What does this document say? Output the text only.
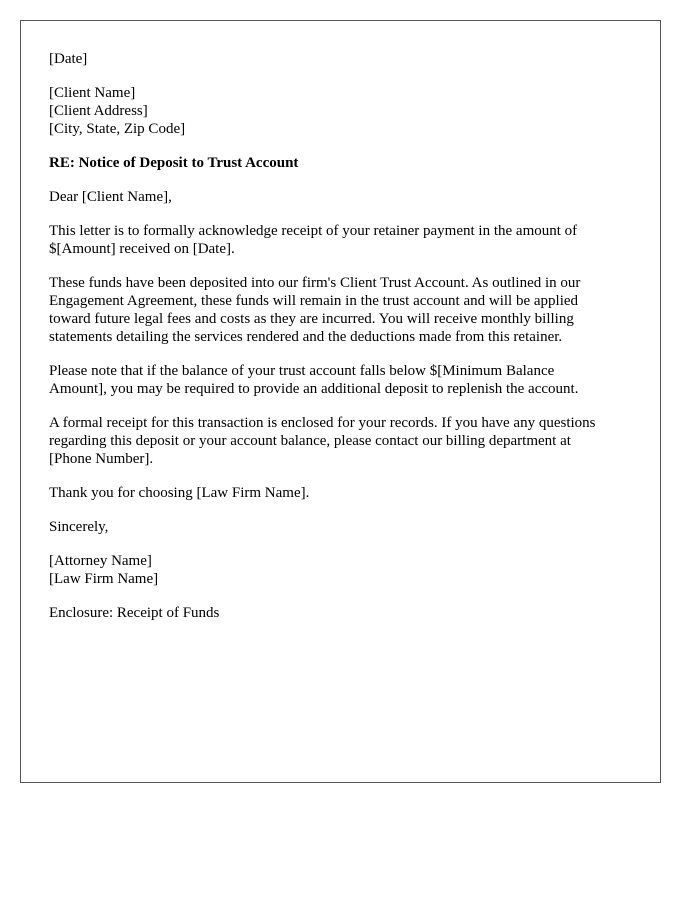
[Date]

[Client Name]
[Client Address]
[City, State, Zip Code]

RE: Notice of Deposit to Trust Account

Dear [Client Name],

This letter is to formally acknowledge receipt of your retainer payment in the amount of
$[Amount] received on [Date].

These funds have been deposited into our firm's Client Trust Account. As outlined in our
Engagement Agreement, these funds will remain in the trust account and will be applied
toward future legal fees and costs as they are incurred. You will receive monthly billing
statements detailing the services rendered and the deductions made from this retainer.

Please note that if the balance of your trust account falls below $[Minimum Balance
Amount], you may be required to provide an additional deposit to replenish the account.

A formal receipt for this transaction is enclosed for your records. If you have any questions
regarding this deposit or your account balance, please contact our billing department at
[Phone Number].

Thank you for choosing [Law Firm Name].

Sincerely,

[Attorney Name]
[Law Firm Name]

Enclosure: Receipt of Funds
